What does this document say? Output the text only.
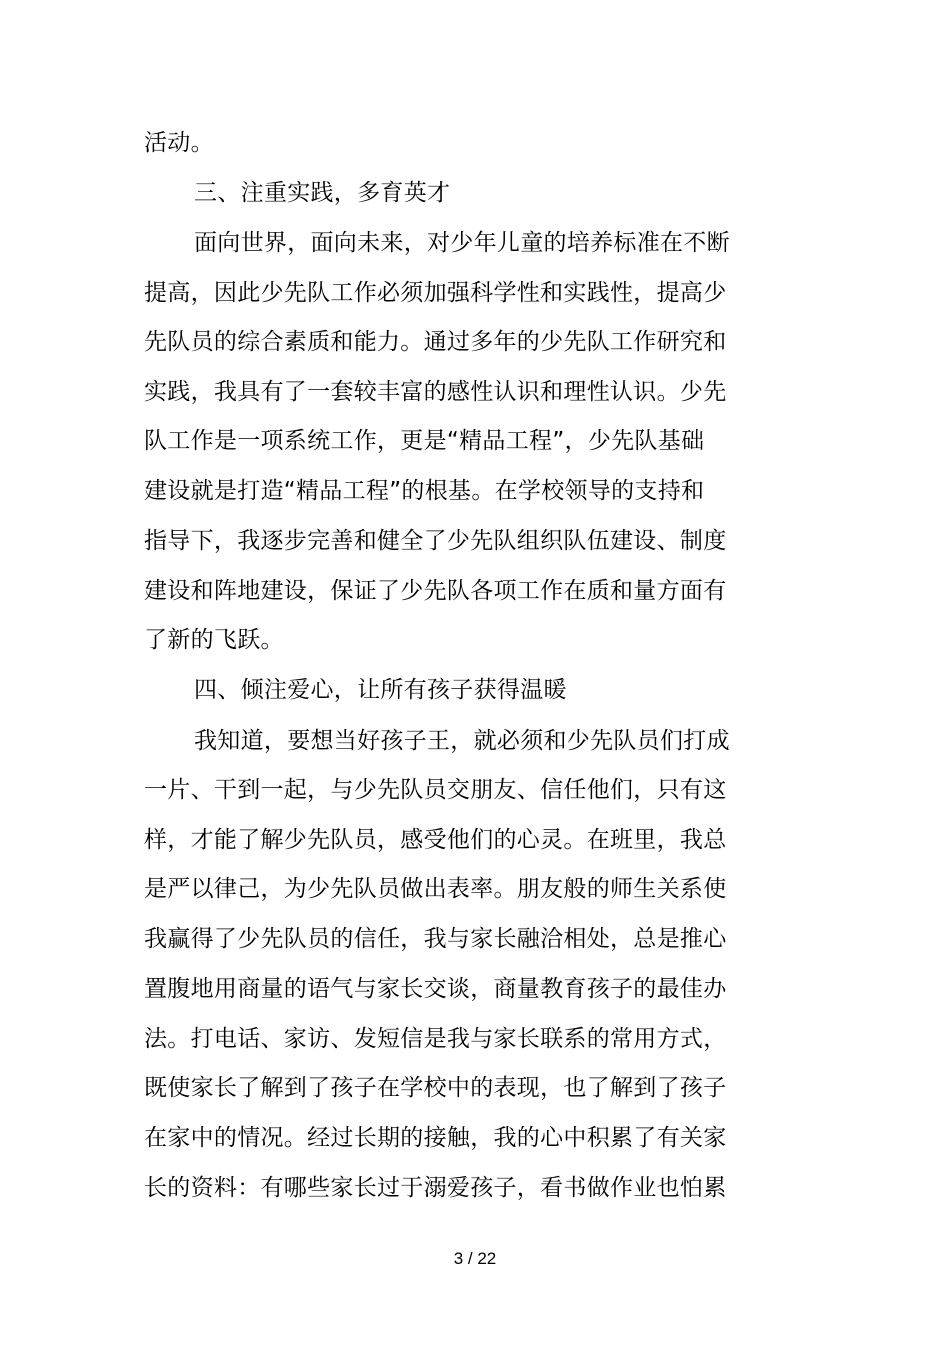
活动。
三、注重实践，多育英才
面向世界，面向未来，对少年儿童的培养标准在不断
提高，因此少先队工作必须加强科学性和实践性，提高少
先队员的综合素质和能力。通过多年的少先队工作研究和
实践，我具有了一套较丰富的感性认识和理性认识。少先
队工作是一项系统工作，更是“精品工程”，少先队基础
建设就是打造“精品工程”的根基。在学校领导的支持和
指导下，我逐步完善和健全了少先队组织队伍建设、制度
建设和阵地建设，保证了少先队各项工作在质和量方面有
了新的飞跃。
四、倾注爱心，让所有孩子获得温暖
我知道，要想当好孩子王，就必须和少先队员们打成
一片、干到一起，与少先队员交朋友、信任他们，只有这
样，才能了解少先队员，感受他们的心灵。在班里，我总
是严以律己，为少先队员做出表率。朋友般的师生关系使
我赢得了少先队员的信任，我与家长融洽相处，总是推心
置腹地用商量的语气与家长交谈，商量教育孩子的最佳办
法。打电话、家访、发短信是我与家长联系的常用方式，
既使家长了解到了孩子在学校中的表现，也了解到了孩子
在家中的情况。经过长期的接触，我的心中积累了有关家
长的资料：有哪些家长过于溺爱孩子，看书做作业也怕累
3 / 22
